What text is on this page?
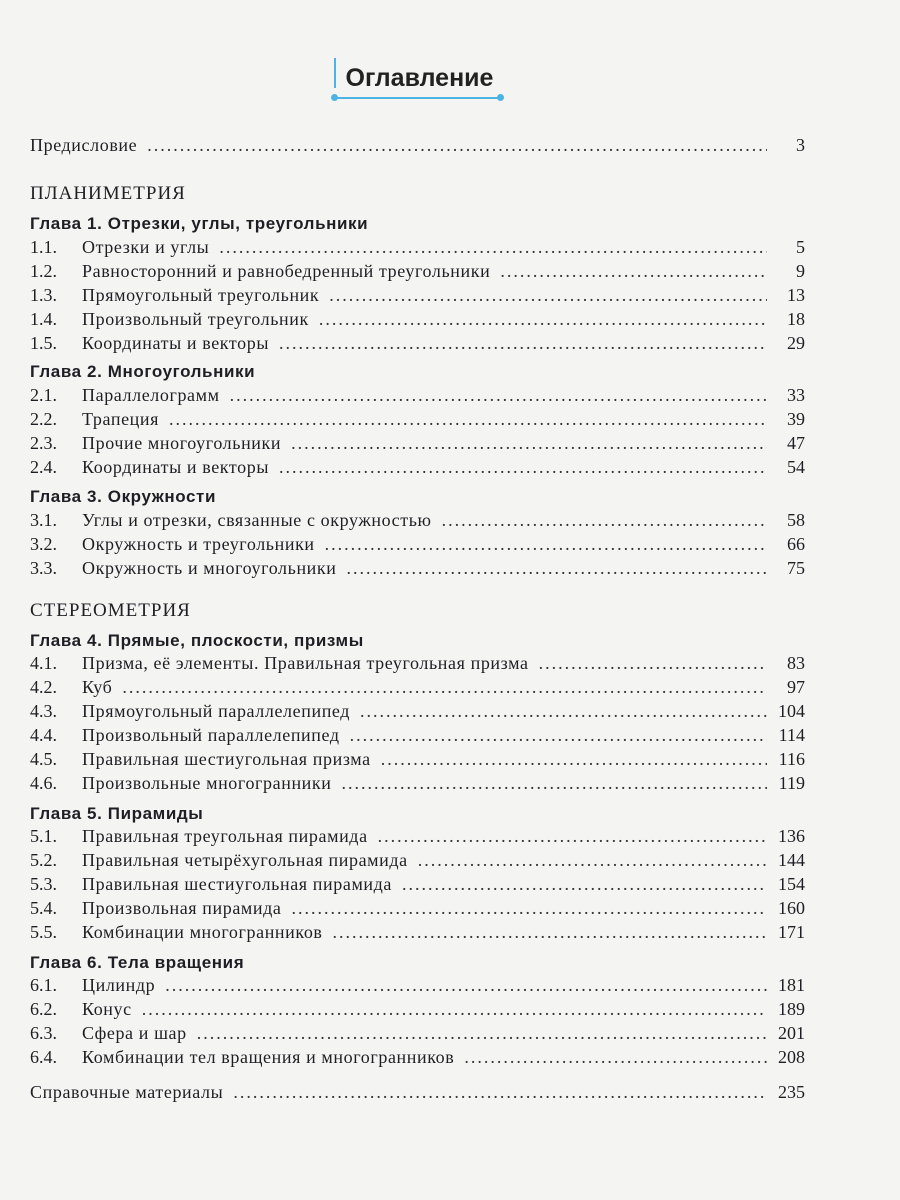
Оглавление
Предисловие .....	3
ПЛАНИМЕТРИЯ
Глава 1. Отрезки, углы, треугольники
1.1.	Отрезки и углы .....	5
1.2.	Равносторонний и равнобедренный треугольники .....	9
1.3.	Прямоугольный треугольник .....	13
1.4.	Произвольный треугольник .....	18
1.5.	Координаты и векторы .....	29
Глава 2. Многоугольники
2.1.	Параллелограмм .....	33
2.2.	Трапеция .....	39
2.3.	Прочие многоугольники .....	47
2.4.	Координаты и векторы .....	54
Глава 3. Окружности
3.1.	Углы и отрезки, связанные с окружностью .....	58
3.2.	Окружность и треугольники .....	66
3.3.	Окружность и многоугольники .....	75
СТЕРЕОМЕТРИЯ
Глава 4. Прямые, плоскости, призмы
4.1.	Призма, её элементы. Правильная треугольная призма .....	83
4.2.	Куб .....	97
4.3.	Прямоугольный параллелепипед .....	104
4.4.	Произвольный параллелепипед .....	114
4.5.	Правильная шестиугольная призма .....	116
4.6.	Произвольные многогранники .....	119
Глава 5. Пирамиды
5.1.	Правильная треугольная пирамида .....	136
5.2.	Правильная четырёхугольная пирамида .....	144
5.3.	Правильная шестиугольная пирамида .....	154
5.4.	Произвольная пирамида .....	160
5.5.	Комбинации многогранников .....	171
Глава 6. Тела вращения
6.1.	Цилиндр .....	181
6.2.	Конус .....	189
6.3.	Сфера и шар .....	201
6.4.	Комбинации тел вращения и многогранников .....	208
Справочные материалы .....	235
